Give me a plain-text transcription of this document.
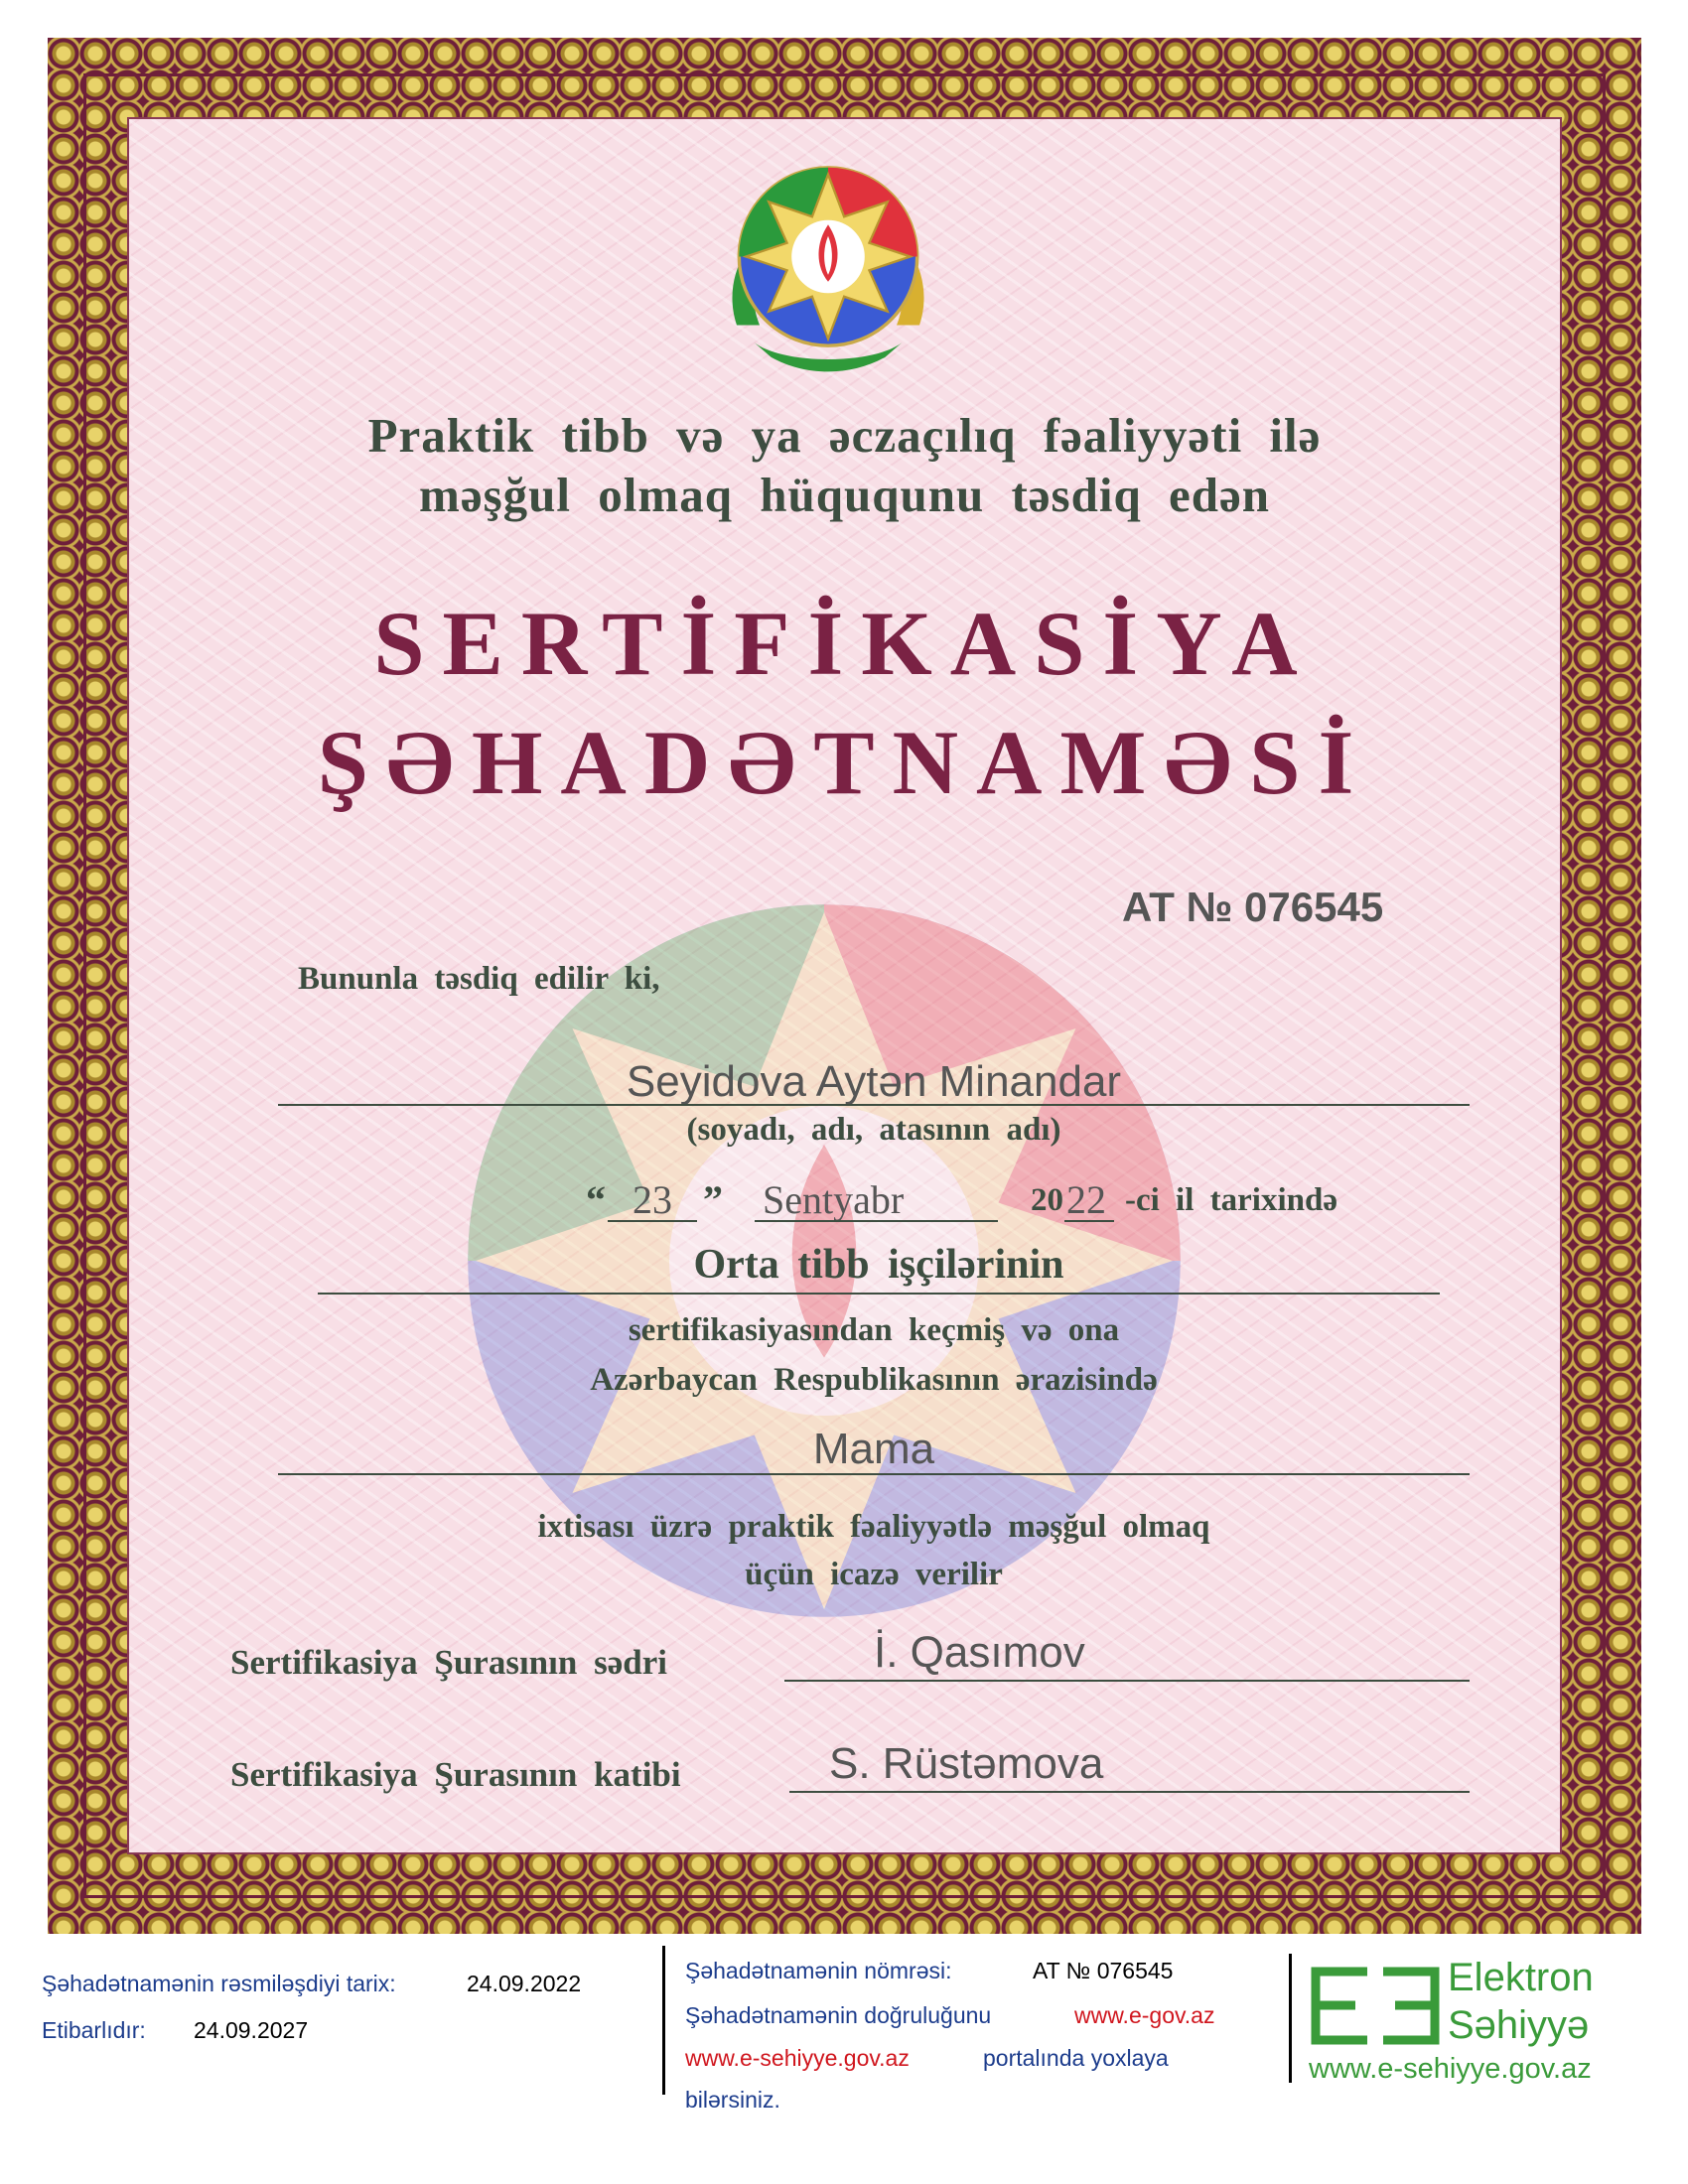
Praktik tibb və ya əczaçılıq fəaliyyəti ilə
məşğul olmaq hüququnu təsdiq edən
SERTİFİKASİYA
ŞƏHADƏTNAMƏSİ
AT № 076545
Bununla təsdiq edilir ki,
Seyidova Aytən Minandar
(soyadı, adı, atasının adı)
“ 23 ” Sentyabr	20 22 -ci il tarixində
Orta tibb işçilərinin
sertifikasiyasından keçmiş və ona
Azərbaycan Respublikasının ərazisində
Mama
ixtisası üzrə praktik fəaliyyətlə məşğul olmaq
üçün icazə verilir
Sertifikasiya Şurasının sədri	İ. Qasımov
Sertifikasiya Şurasının katibi	S. Rüstəmova
Şəhadətnamənin rəsmiləşdiyi tarix:	24.09.2022
Etibarlıdır: 24.09.2027
Şəhadətnamənin nömrəsi:	AT № 076545
Şəhadətnamənin doğruluğunu	www.e-gov.az
www.e-sehiyye.gov.az	portalında yoxlaya
bilərsiniz.
Elektron
Səhiyyə
www.e-sehiyye.gov.az
